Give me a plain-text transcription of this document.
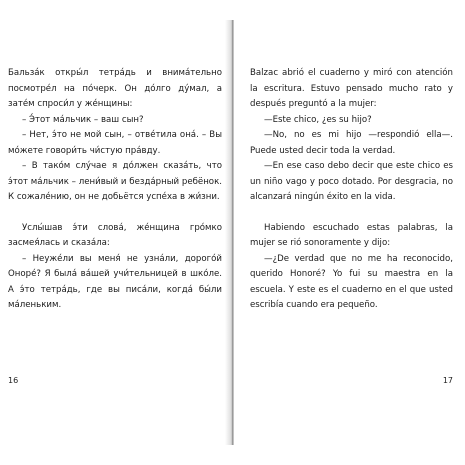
Бальза́к откры́л тетра́дь и внима́тельно посмотре́л на по́черк. Он до́лго ду́мал, а зате́м спроси́л у же́нщины:

– Э́тот ма́льчик – ваш сын?

– Нет, э́то не мой сын, – отве́тила она́. – Вы мо́жете говори́ть чи́стую пра́вду.

– В тако́м слу́чае я до́лжен сказа́ть, что э́тот ма́льчик – лени́вый и безда́рный ребёнок. К сожале́нию, он не добьётся успе́ха в жи́зни.

Услы́шав э́ти слова́, же́нщина гро́мко засмея́лась и сказа́ла:

– Неуже́ли вы меня́ не узна́ли, дорого́й Оноре́? Я была́ ва́шей учи́тельницей в шко́ле. А э́то тетра́дь, где вы писа́ли, когда́ бы́ли ма́леньким.

16

Balzac abrió el cuaderno y miró con atención la escritura. Estuvo pensado mucho rato y después preguntó a la mujer:

—Este chico, ¿es su hijo?

—No, no es mi hijo —respondió ella—. Puede usted decir toda la verdad.

—En ese caso debo decir que este chico es un niño vago y poco dotado. Por desgracia, no alcanzará ningún éxito en la vida.

Habiendo escuchado estas palabras, la mujer se rió sonoramente y dijo:

—¿De verdad que no me ha reconocido, querido Honoré? Yo fui su maestra en la escuela. Y este es el cuaderno en el que usted escribía cuando era pequeño.

17
